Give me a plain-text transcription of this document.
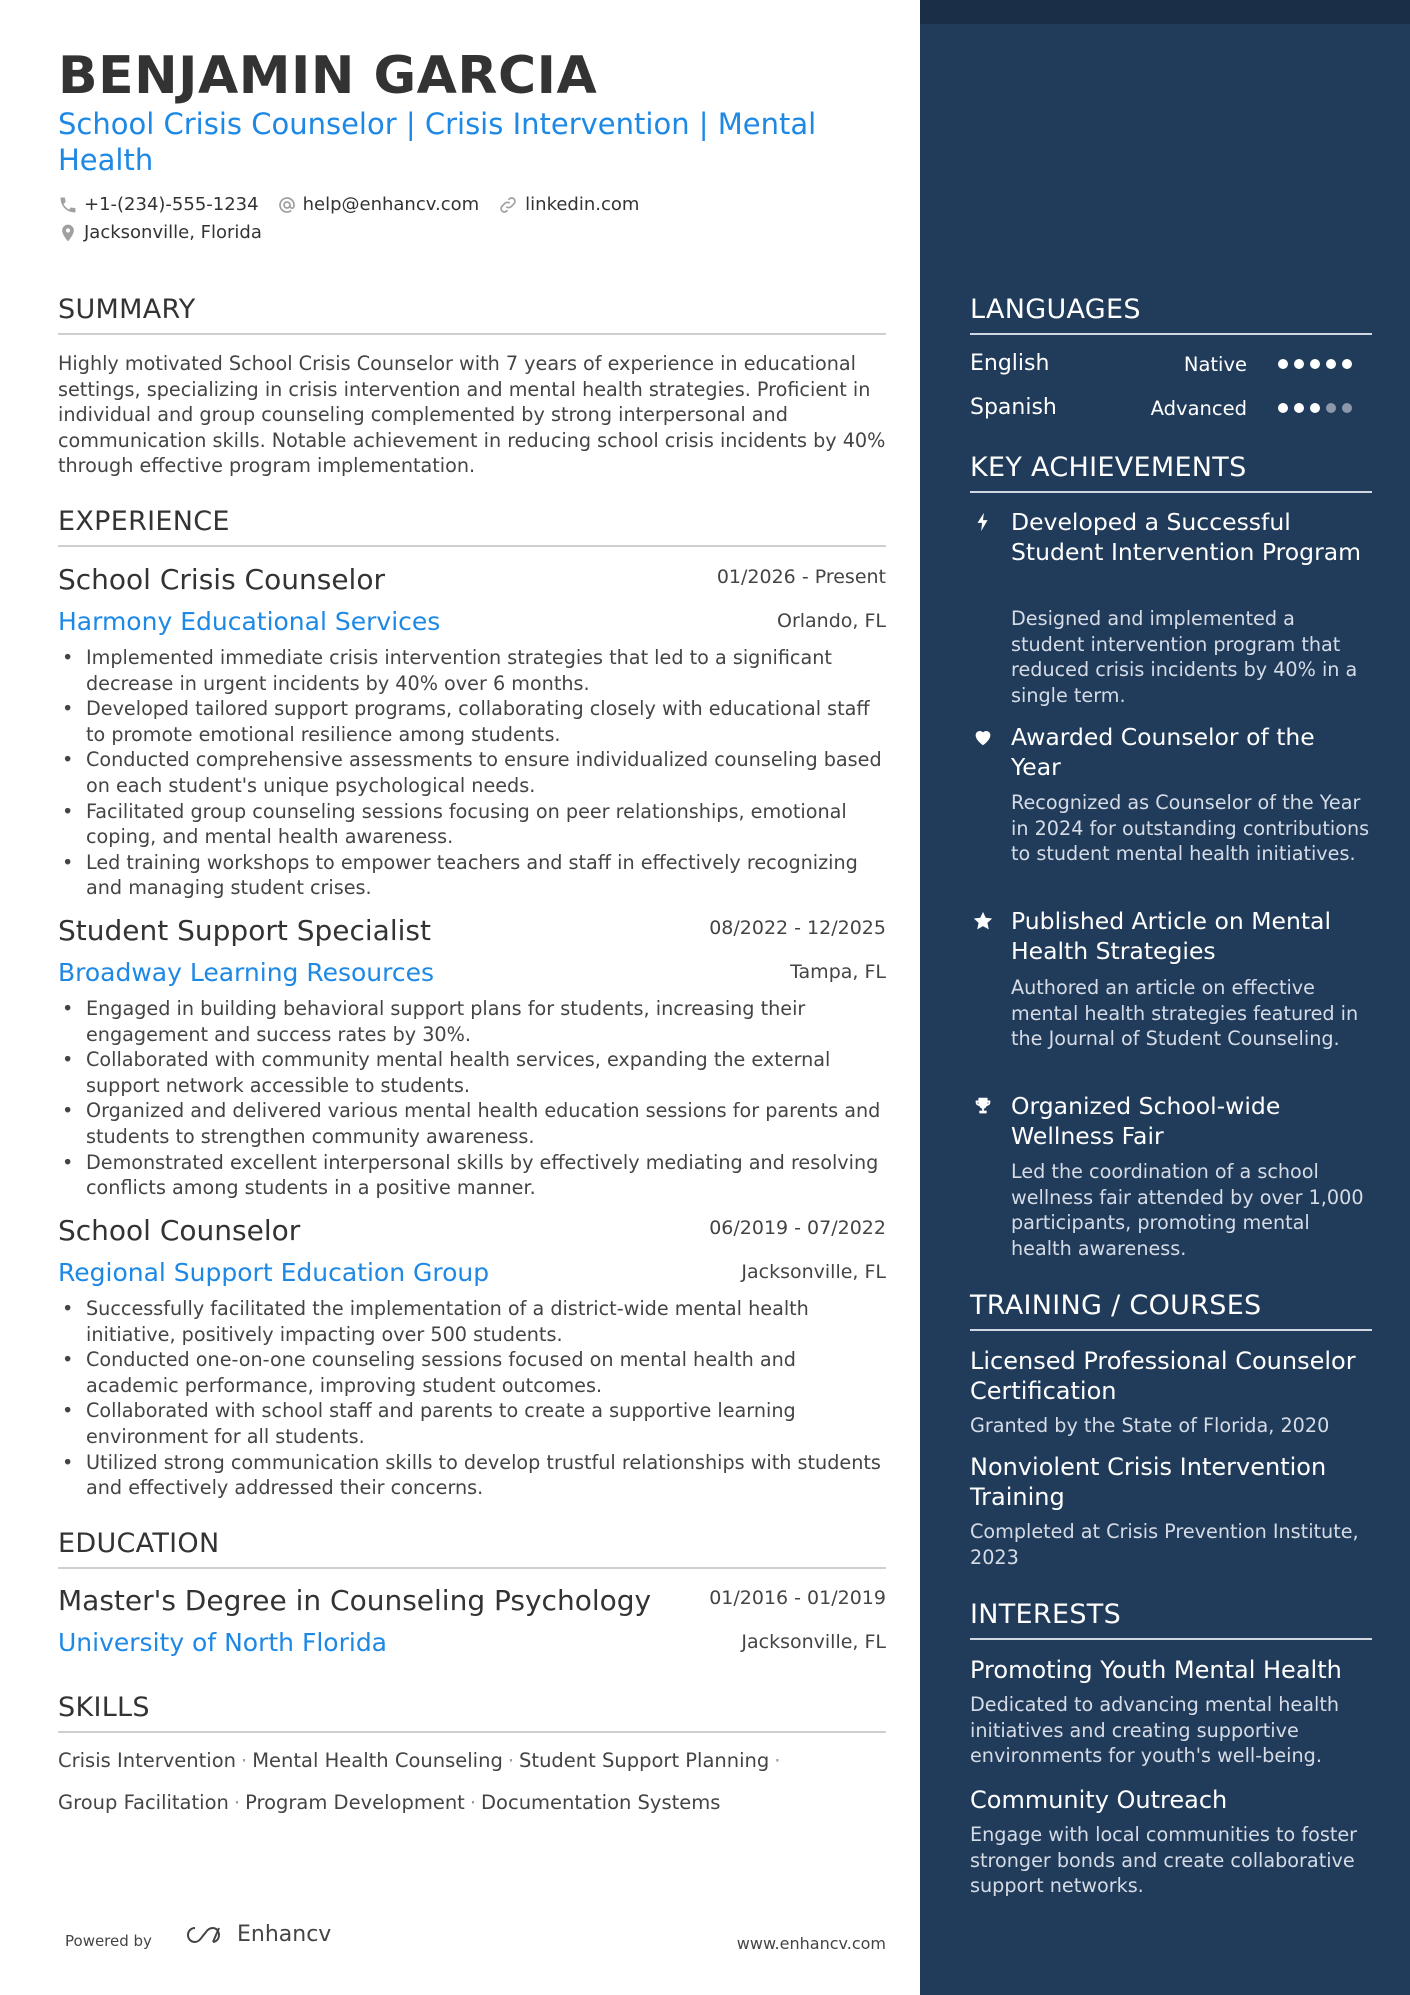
BENJAMIN GARCIA
School Crisis Counselor | Crisis Intervention | Mental Health
+1-(234)-555-1234 help@enhancv.com	linkedin.com
Jacksonville, Florida
SUMMARY
Highly motivated School Crisis Counselor with 7 years of experience in educational settings, specializing in crisis intervention and mental health strategies. Proficient in individual and group counseling complemented by strong interpersonal and communication skills. Notable achievement in reducing school crisis incidents by 40% through effective program implementation.
EXPERIENCE
School Crisis Counselor	01/2026 - Present
Harmony Educational Services	Orlando, FL
• Implemented immediate crisis intervention strategies that led to a significant decrease in urgent incidents by 40% over 6 months.
• Developed tailored support programs, collaborating closely with educational staff to promote emotional resilience among students.
• Conducted comprehensive assessments to ensure individualized counseling based on each student's unique psychological needs.
• Facilitated group counseling sessions focusing on peer relationships, emotional coping, and mental health awareness.
• Led training workshops to empower teachers and staff in effectively recognizing and managing student crises.
Student Support Specialist	08/2022 - 12/2025
Broadway Learning Resources	Tampa, FL
• Engaged in building behavioral support plans for students, increasing their engagement and success rates by 30%.
• Collaborated with community mental health services, expanding the external support network accessible to students.
• Organized and delivered various mental health education sessions for parents and students to strengthen community awareness.
• Demonstrated excellent interpersonal skills by effectively mediating and resolving conflicts among students in a positive manner.
School Counselor	06/2019 - 07/2022
Regional Support Education Group	Jacksonville, FL
• Successfully facilitated the implementation of a district-wide mental health initiative, positively impacting over 500 students.
• Conducted one-on-one counseling sessions focused on mental health and academic performance, improving student outcomes.
• Collaborated with school staff and parents to create a supportive learning environment for all students.
• Utilized strong communication skills to develop trustful relationships with students and effectively addressed their concerns.
EDUCATION
Master's Degree in Counseling Psychology	01/2016 - 01/2019
University of North Florida	Jacksonville, FL
SKILLS
Crisis Intervention · Mental Health Counseling · Student Support Planning ·
Group Facilitation · Program Development · Documentation Systems
Powered by	Enhancv	www.enhancv.com
LANGUAGES
English	Native
Spanish	Advanced
KEY ACHIEVEMENTS
Developed a Successful Student Intervention Program
Designed and implemented a student intervention program that reduced crisis incidents by 40% in a single term.
Awarded Counselor of the Year
Recognized as Counselor of the Year in 2024 for outstanding contributions to student mental health initiatives.
Published Article on Mental Health Strategies
Authored an article on effective mental health strategies featured in the Journal of Student Counseling.
Organized School-wide Wellness Fair
Led the coordination of a school wellness fair attended by over 1,000 participants, promoting mental health awareness.
TRAINING / COURSES
Licensed Professional Counselor Certification
Granted by the State of Florida, 2020
Nonviolent Crisis Intervention Training
Completed at Crisis Prevention Institute, 2023
INTERESTS
Promoting Youth Mental Health
Dedicated to advancing mental health initiatives and creating supportive environments for youth's well-being.
Community Outreach
Engage with local communities to foster stronger bonds and create collaborative support networks.
